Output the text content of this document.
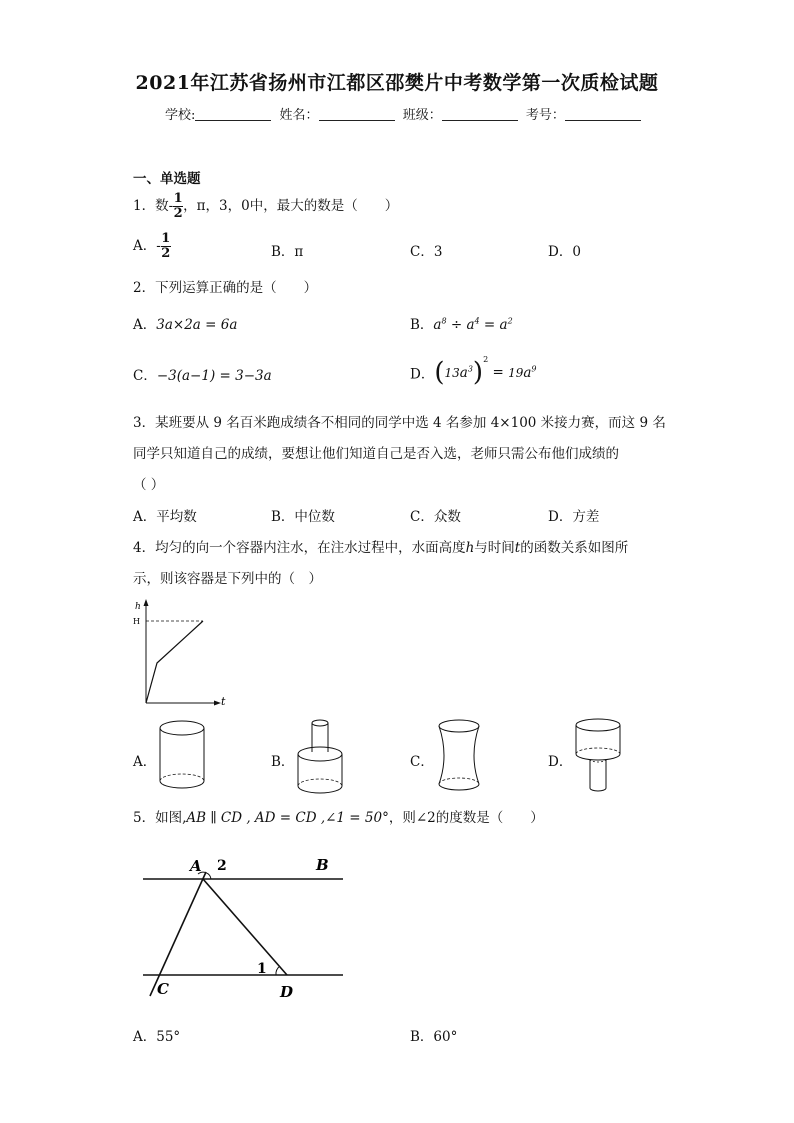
2021年江苏省扬州市江都区邵樊片中考数学第一次质检试题
学校:	姓名：	班级：	考号：
一、单选题
1．数- $\frac{1}{2}$ ，π，3，0中，最大的数是（　　）
A．- $\frac{1}{2}$	B．π	C．3	D．0
2．下列运算正确的是（　　）
A．3a×2a = 6a	B．$a^8 \div a^4 = a^2$
C．−3(a−1) = 3−3a	D．$(13a^3)^2 = 19a^9$
3．某班要从 9 名百米跑成绩各不相同的同学中选 4 名参加 4×100 米接力赛，而这 9 名
同学只知道自己的成绩，要想让他们知道自己是否入选，老师只需公布他们成绩的
（ ）
A．平均数	B．中位数	C．众数	D．方差
4．均匀的向一个容器内注水，在注水过程中，水面高度h与时间t的函数关系如图所
示，则该容器是下列中的（　）
h
H
t
A．	B．	C．	D．
5．如图,AB ∥ CD , AD = CD ,∠1 = 50°，则∠2的度数是（　　）
A 2	B
1
C	D
A．55°	B．60°
